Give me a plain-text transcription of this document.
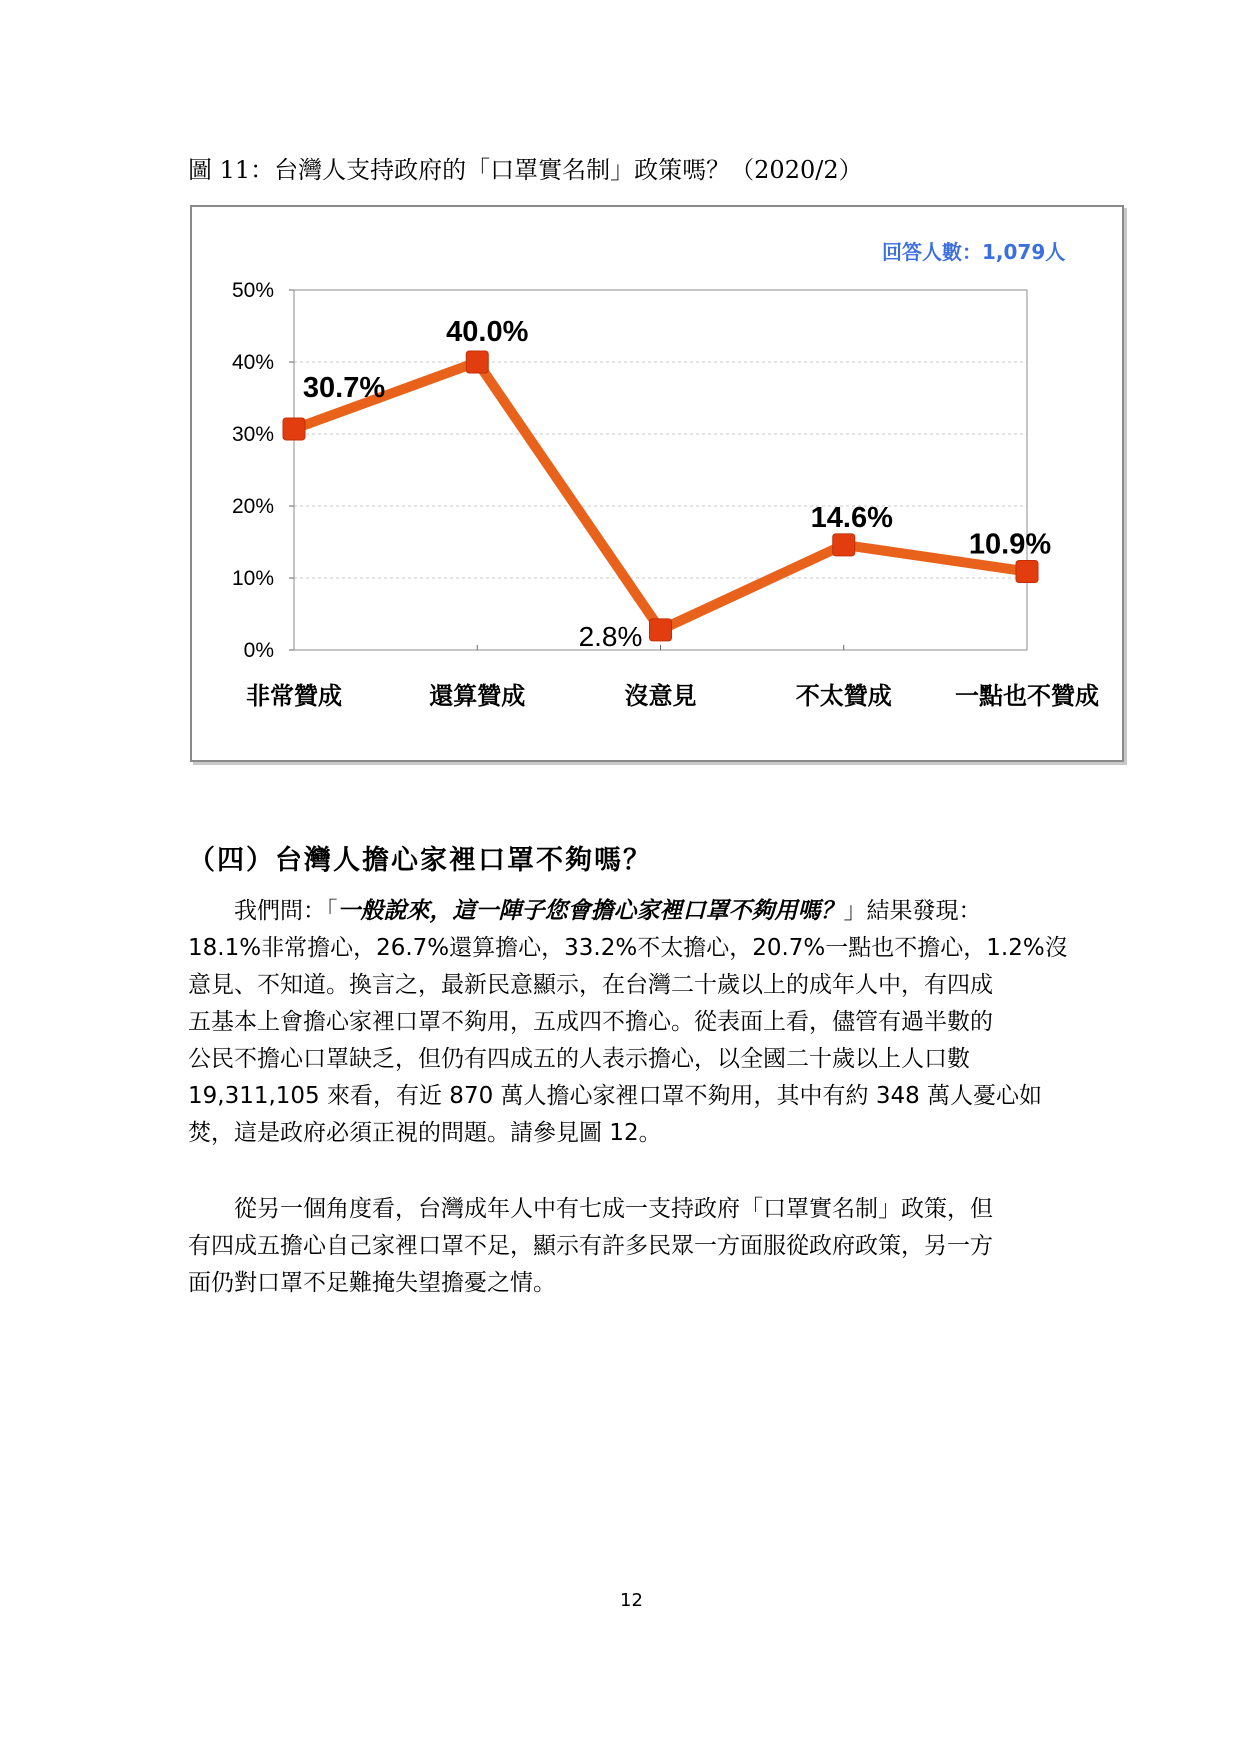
圖 11：台灣人支持政府的「口罩實名制」政策嗎？（2020/2）
0%
10%
20%
30%
40%
50%
非常贊成	還算贊成	沒意見	不太贊成	一點也不贊成
30.7%
40.0%
2.8%
14.6%
10.9%
回答人數：1,079人
（四）台灣人擔心家裡口罩不夠嗎？
我們問：「一般說來，這一陣子您會擔心家裡口罩不夠用嗎？」結果發現：
18.1%非常擔心，26.7%還算擔心，33.2%不太擔心，20.7%一點也不擔心，1.2%沒
意見、不知道。換言之，最新民意顯示，在台灣二十歲以上的成年人中，有四成
五基本上會擔心家裡口罩不夠用，五成四不擔心。從表面上看，儘管有過半數的
公民不擔心口罩缺乏，但仍有四成五的人表示擔心，以全國二十歲以上人口數
19,311,105 來看，有近 870 萬人擔心家裡口罩不夠用，其中有約 348 萬人憂心如
焚，這是政府必須正視的問題。請參見圖 12。
從另一個角度看，台灣成年人中有七成一支持政府「口罩實名制」政策，但
有四成五擔心自己家裡口罩不足，顯示有許多民眾一方面服從政府政策，另一方
面仍對口罩不足難掩失望擔憂之情。
12
